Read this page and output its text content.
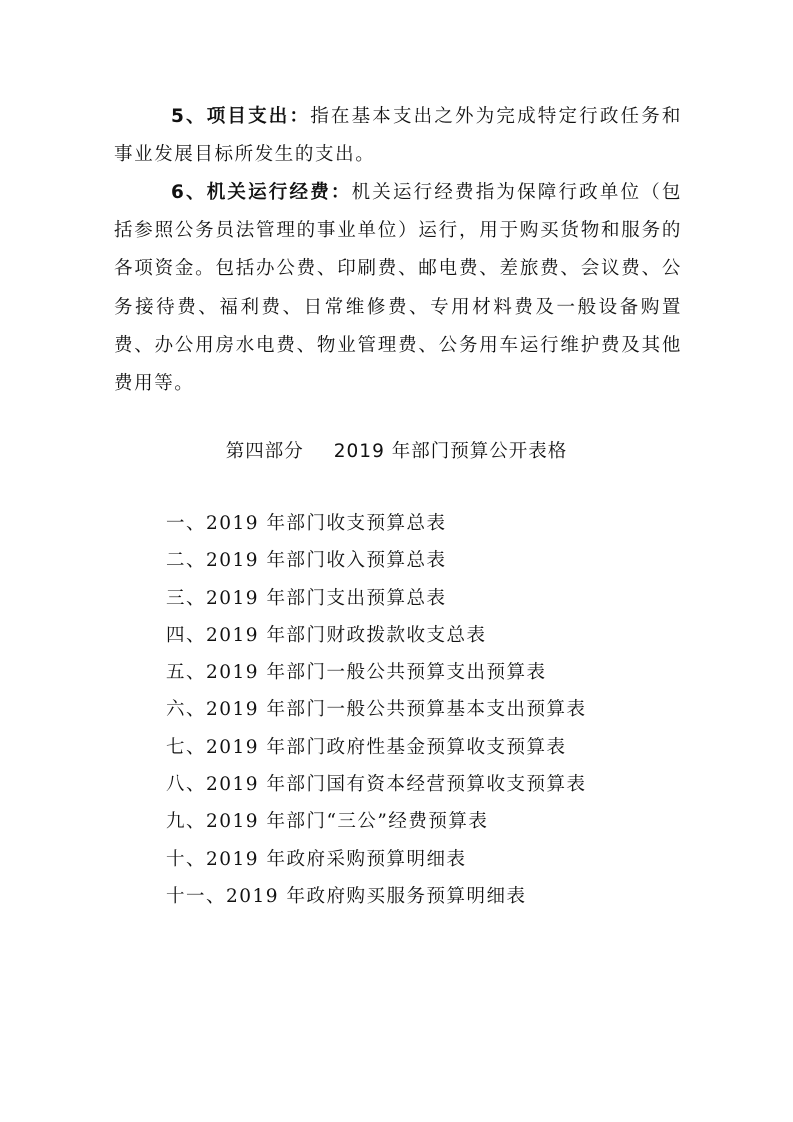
5、项目支出：指在基本支出之外为完成特定行政任务和事业发展目标所发生的支出。

6、机关运行经费：机关运行经费指为保障行政单位（包括参照公务员法管理的事业单位）运行，用于购买货物和服务的各项资金。包括办公费、印刷费、邮电费、差旅费、会议费、公务接待费、福利费、日常维修费、专用材料费及一般设备购置费、办公用房水电费、物业管理费、公务用车运行维护费及其他费用等。

第四部分 2019 年部门预算公开表格
一、2019 年部门收支预算总表
二、2019 年部门收入预算总表
三、2019 年部门支出预算总表
四、2019 年部门财政拨款收支总表
五、2019 年部门一般公共预算支出预算表
六、2019 年部门一般公共预算基本支出预算表
七、2019 年部门政府性基金预算收支预算表
八、2019 年部门国有资本经营预算收支预算表
九、2019 年部门“三公”经费预算表
十、2019 年政府采购预算明细表
十一、2019 年政府购买服务预算明细表
